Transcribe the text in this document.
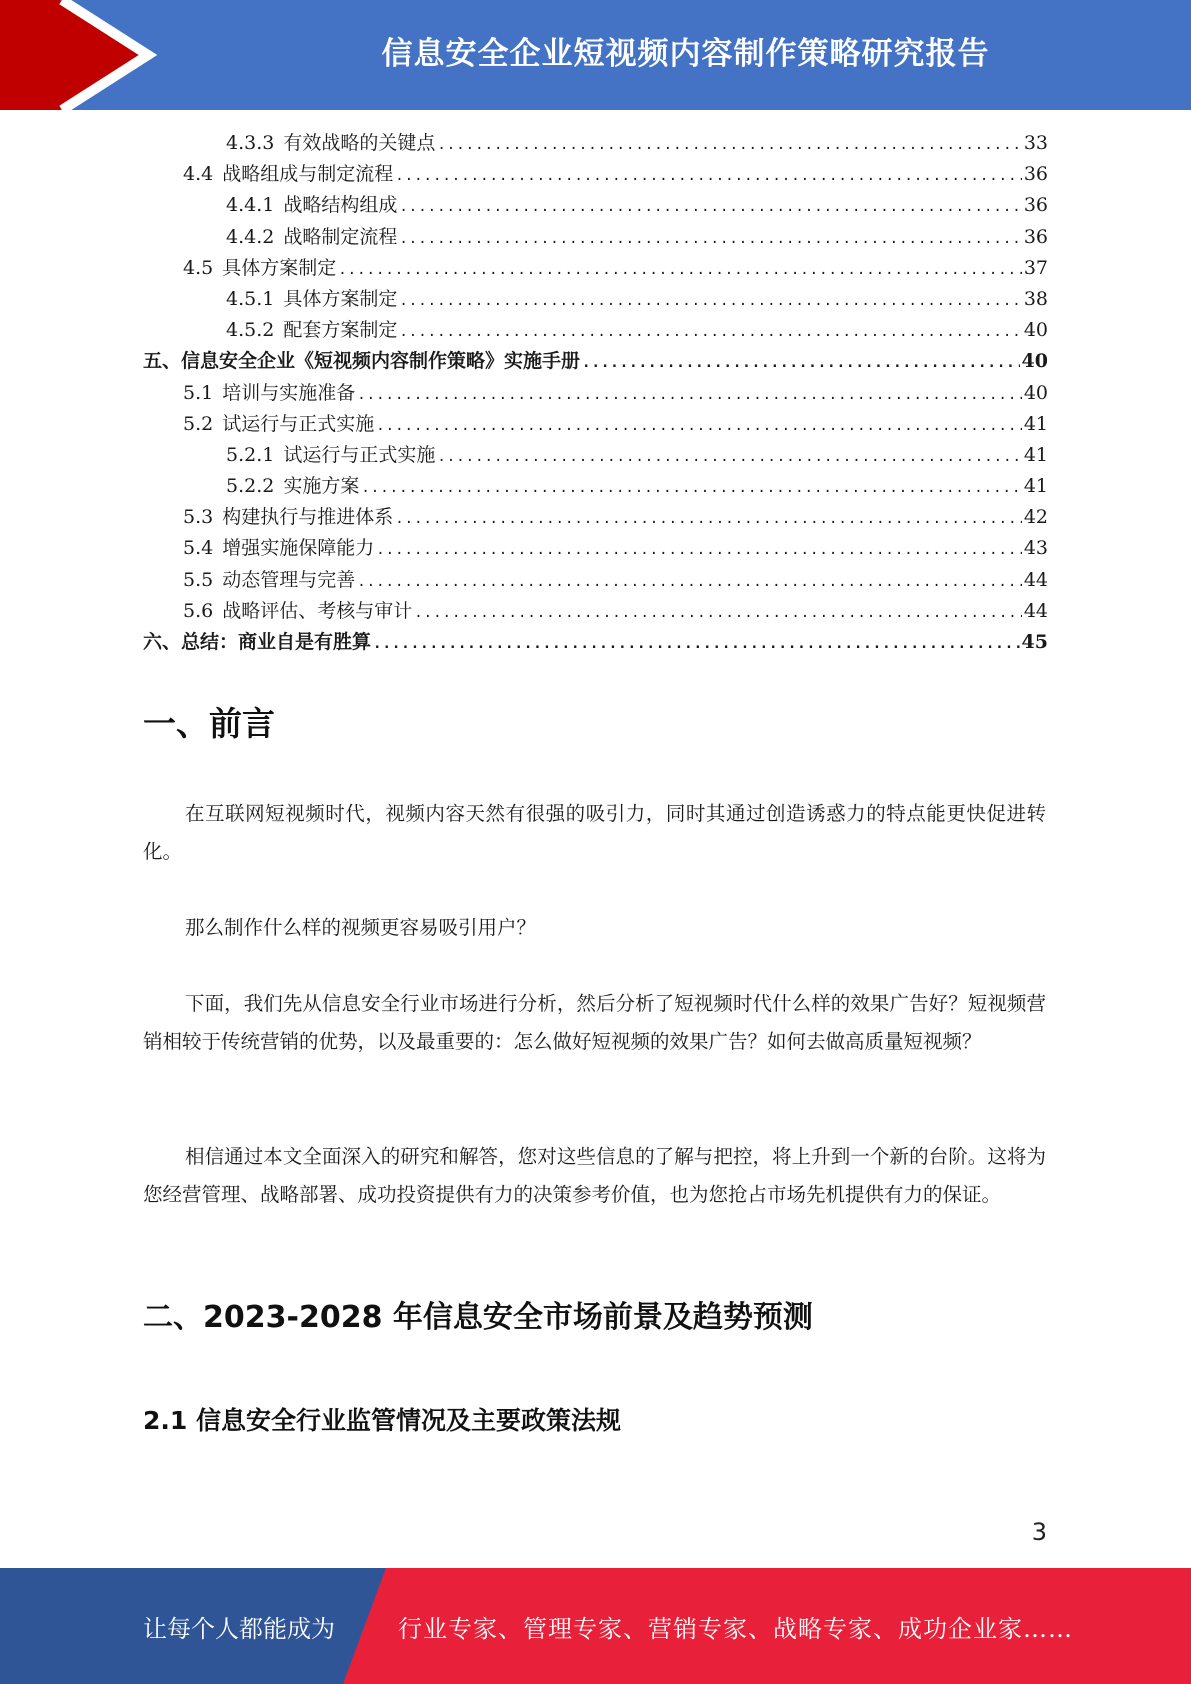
信息安全企业短视频内容制作策略研究报告
4.3.3 有效战略的关键点 .....	33
4.4 战略组成与制定流程 .....	36
4.4.1 战略结构组成 .....	36
4.4.2 战略制定流程 .....	36
4.5 具体方案制定 .....	37
4.5.1 具体方案制定 .....	38
4.5.2 配套方案制定 .....	40
五、信息安全企业《短视频内容制作策略》实施手册 .....	40
5.1 培训与实施准备 .....	40
5.2 试运行与正式实施 .....	41
5.2.1 试运行与正式实施 .....	41
5.2.2 实施方案 .....	41
5.3 构建执行与推进体系 .....	42
5.4 增强实施保障能力 .....	43
5.5 动态管理与完善 .....	44
5.6 战略评估、考核与审计 .....	44
六、总结：商业自是有胜算 .....	45
一、前言

在互联网短视频时代，视频内容天然有很强的吸引力，同时其通过创造诱惑力的特点能更快促进转化。

那么制作什么样的视频更容易吸引用户？

下面，我们先从信息安全行业市场进行分析，然后分析了短视频时代什么样的效果广告好？短视频营销相较于传统营销的优势，以及最重要的：怎么做好短视频的效果广告？如何去做高质量短视频？

相信通过本文全面深入的研究和解答，您对这些信息的了解与把控，将上升到一个新的台阶。这将为您经营管理、战略部署、成功投资提供有力的决策参考价值，也为您抢占市场先机提供有力的保证。

二、2023-2028 年信息安全市场前景及趋势预测
2.1 信息安全行业监管情况及主要政策法规
3
让每个人都能成为	行业专家、管理专家、营销专家、战略专家、成功企业家……
